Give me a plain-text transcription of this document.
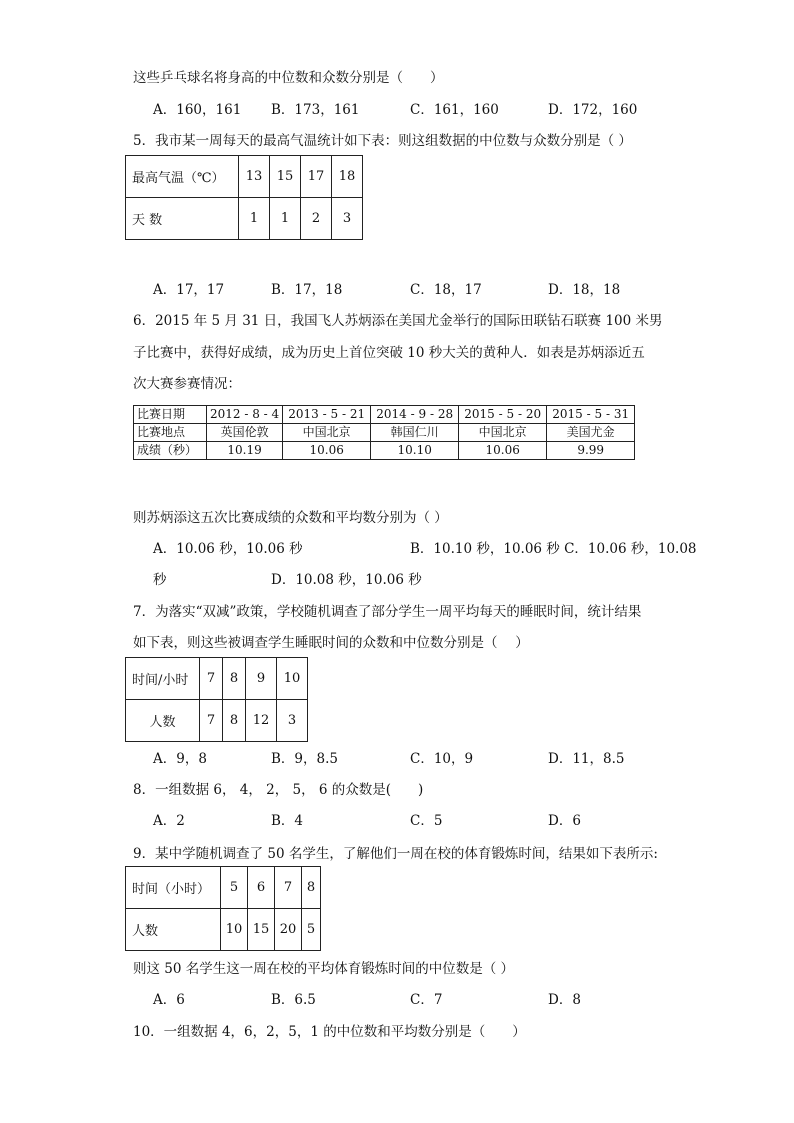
这些乒乓球名将身高的中位数和众数分别是（　　）
A．160，161 B．173，161	C．161，160	D．172，160
5．我市某一周每天的最高气温统计如下表：则这组数据的中位数与众数分别是（ ）
最高气温（℃）	13	15	17	18
天 数	1	1	2	3
A．17，17	B．17，18	C．18，17	D．18，18
6．2015 年 5 月 31 日，我国飞人苏炳添在美国尤金举行的国际田联钻石联赛 100 米男
子比赛中，获得好成绩，成为历史上首位突破 10 秒大关的黄种人．如表是苏炳添近五
次大赛参赛情况：
比赛日期	2012 - 8 - 4	2013 - 5 - 21	2014 - 9 - 28	2015 - 5 - 20	2015 - 5 - 31
比赛地点	英国伦敦	中国北京	韩国仁川	中国北京	美国尤金
成绩（秒）	10.19	10.06	10.10	10.06	9.99
则苏炳添这五次比赛成绩的众数和平均数分别为（ ）
A．10.06 秒，10.06 秒	B．10.10 秒，10.06 秒 C．10.06 秒，10.08
秒	D．10.08 秒，10.06 秒
7．为落实“双减”政策，学校随机调查了部分学生一周平均每天的睡眠时间，统计结果
如下表，则这些被调查学生睡眠时间的众数和中位数分别是（　 ）
时间/小时	7	8	9	10
人数	7	8	12	3
A．9，8	B．9，8.5	C．10，9	D．11，8.5
8．一组数据 6， 4， 2， 5， 6 的众数是(　　)
A．2	B．4	C．5	D．6
9．某中学随机调查了 50 名学生，了解他们一周在校的体育锻炼时间，结果如下表所示:
时间（小时）	5	6	7	8
人数	10	15	20	5
则这 50 名学生这一周在校的平均体育锻炼时间的中位数是（ ）
A．6	B．6.5	C．7	D．8
10．一组数据 4，6，2，5，1 的中位数和平均数分别是（　　）
